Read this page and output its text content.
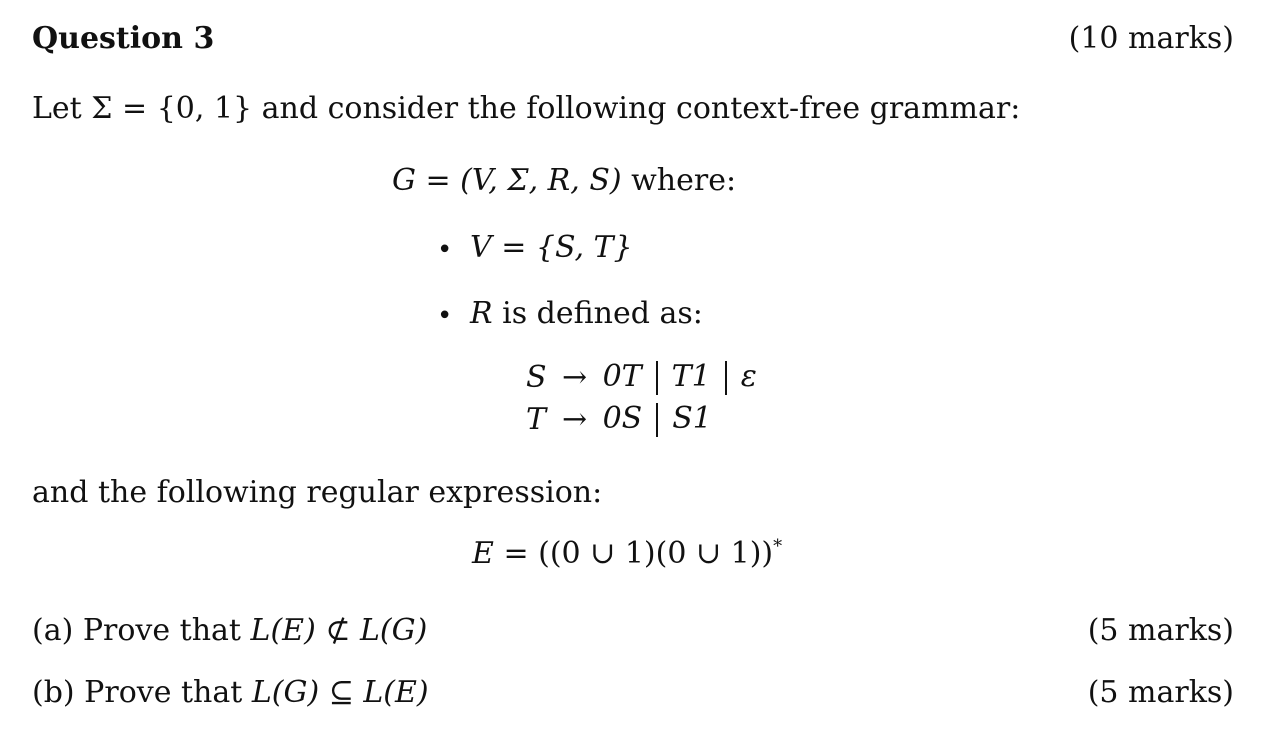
Question 3	(10 marks)
Let Σ = {0, 1} and consider the following context-free grammar:
G = (V, Σ, R, S) where:
• V = {S, T}
• R is defined as:
S	→	0T T1 ε
T	→	0S S1
and the following regular expression:
E = ((0 ∪ 1)(0 ∪ 1))*
(a) Prove that L(E) ⊄ L(G)	(5 marks)
(b) Prove that L(G) ⊆ L(E)	(5 marks)
